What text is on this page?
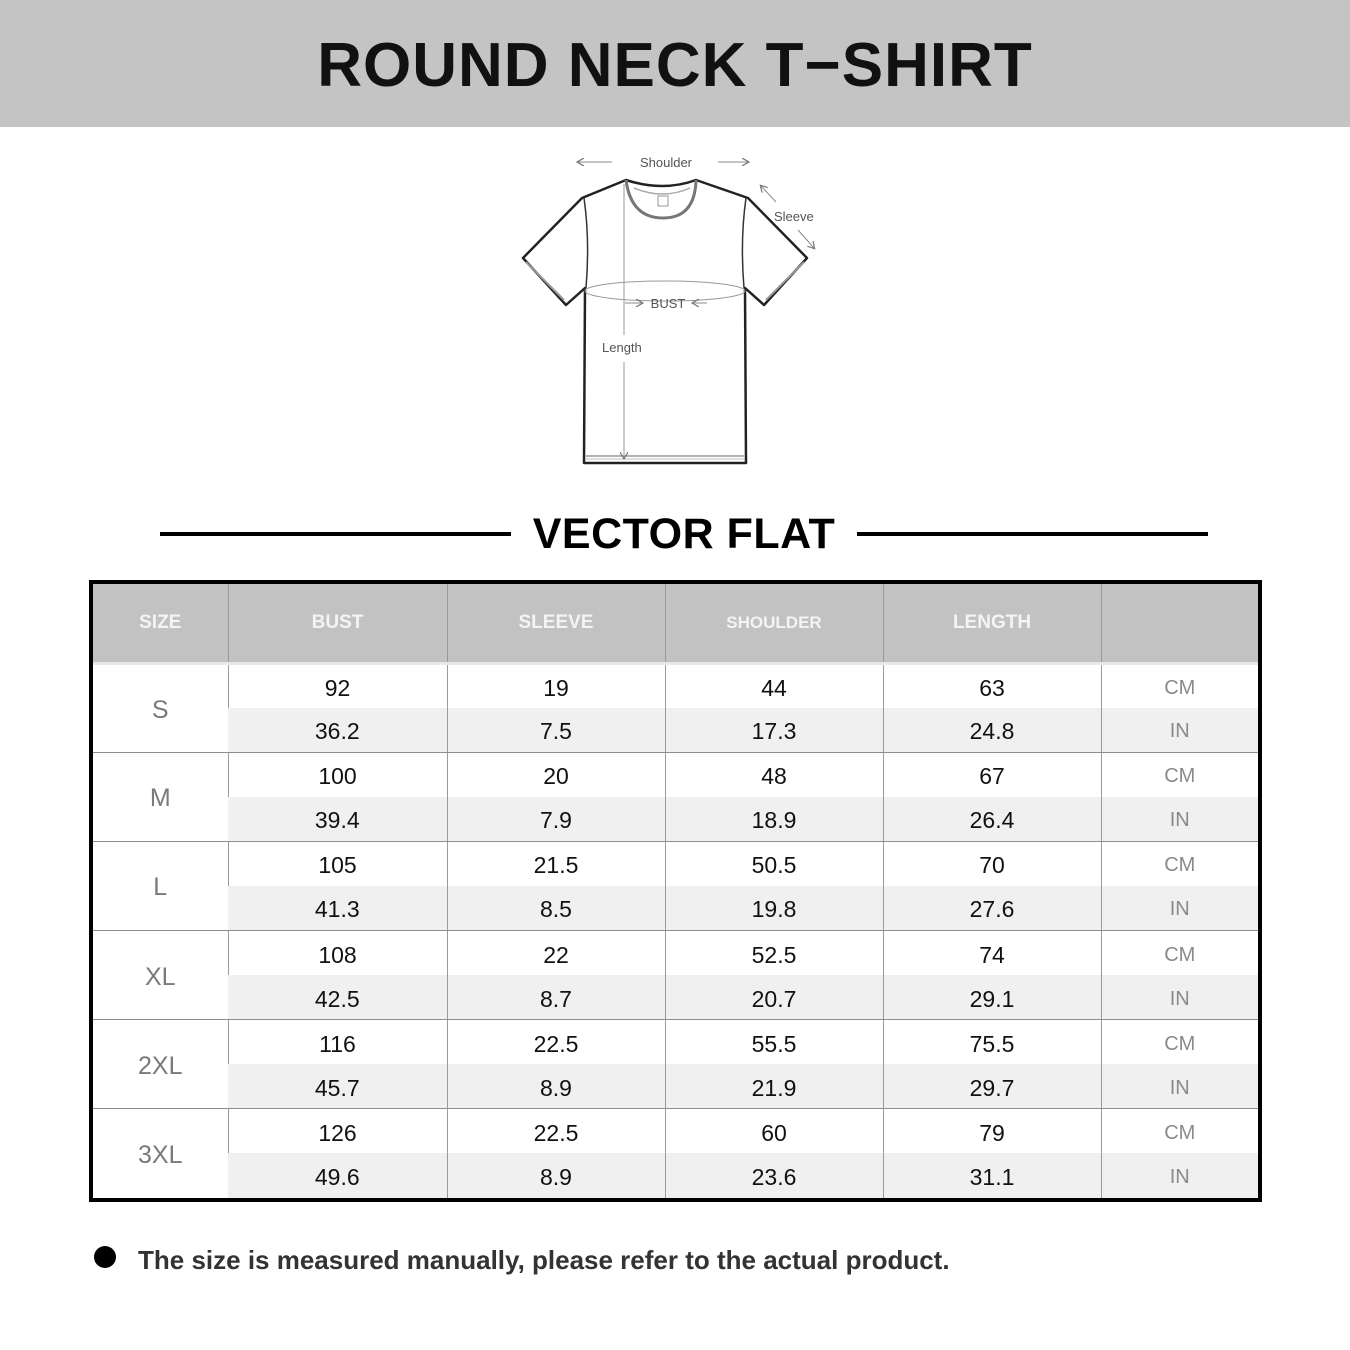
ROUND NECK T−SHIRT
Shoulder
Sleeve
BUST
Length
VECTOR FLAT
SIZE	BUST	SLEEVE	SHOULDER	LENGTH	
S	92	19	44	63	CM
	36.2	7.5	17.3	24.8	IN
M	100	20	48	67	CM
	39.4	7.9	18.9	26.4	IN
L	105	21.5	50.5	70	CM
	41.3	8.5	19.8	27.6	IN
XL	108	22	52.5	74	CM
	42.5	8.7	20.7	29.1	IN
2XL	116	22.5	55.5	75.5	CM
	45.7	8.9	21.9	29.7	IN
3XL	126	22.5	60	79	CM
	49.6	8.9	23.6	31.1	IN

The size is measured manually, please refer to the actual product.
